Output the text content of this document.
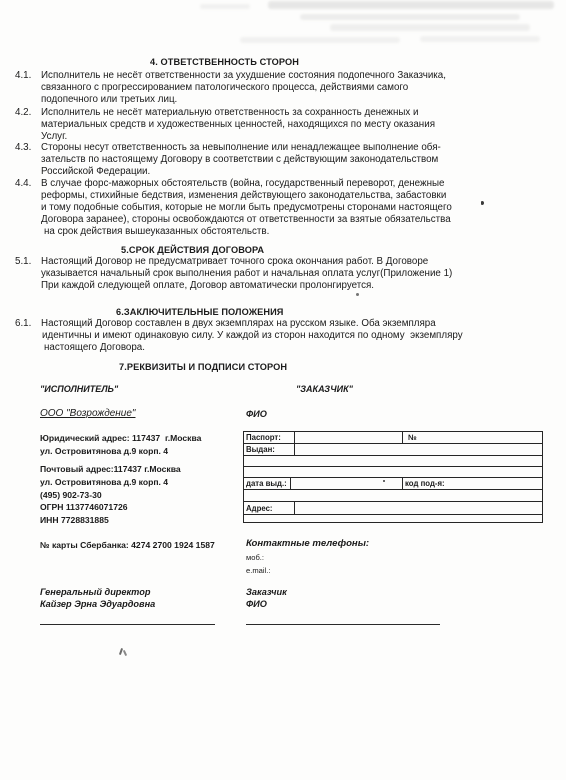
4. ОТВЕТСТВЕННОСТЬ СТОРОН
4.1. Исполнитель не несёт ответственности за ухудшение состояния подопечного Заказчика,
связанного с прогрессированием патологического процесса, действиями самого
подопечного или третьих лиц.
4.2. Исполнитель не несёт материальную ответственность за сохранность денежных и
материальных средств и художественных ценностей, находящихся по месту оказания
Услуг.
4.3. Стороны несут ответственность за невыполнение или ненадлежащее выполнение обя-
зательств по настоящему Договору в соответствии с действующим законодательством
Российской Федерации.
4.4. В случае форс-мажорных обстоятельств (война, государственный переворот, денежные
реформы, стихийные бедствия, изменения действующего законодательства, забастовки
и тому подобные события, которые не могли быть предусмотрены сторонами настоящего
Договора заранее), стороны освобождаются от ответственности за взятые обязательства
на срок действия вышеуказанных обстоятельств.
5.СРОК ДЕЙСТВИЯ ДОГОВОРА
5.1. Настоящий Договор не предусматривает точного срока окончания работ. В Договоре
указывается начальный срок выполнения работ и начальная оплата услуг(Приложение 1)
При каждой следующей оплате, Договор автоматически пролонгируется.
6.ЗАКЛЮЧИТЕЛЬНЫЕ ПОЛОЖЕНИЯ
6.1. Настоящий Договор составлен в двух экземплярах на русском языке. Оба экземпляра
идентичны и имеют одинаковую силу. У каждой из сторон находится по одному  экземпляру
настоящего Договора.
7.РЕКВИЗИТЫ И ПОДПИСИ СТОРОН
"ИСПОЛНИТЕЛЬ"
ООО "Возрождение"
Юридический адрес: 117437  г.Москва
ул. Островитянова д.9 корп. 4
Почтовый адрес:117437 г.Москва
ул. Островитянова д.9 корп. 4
(495) 902-73-30
ОГРН 1137746071726
ИНН 7728831885
№ карты Сбербанка: 4274 2700 1924 1587
Генеральный директор
Кайзер Эрна Эдуардовна
"ЗАКАЗЧИК"
ФИО
Паспорт:	№
Выдан:
дата выд.:	код под-я:
Адрес:
Контактные телефоны:
моб.:
e.mail.:
Заказчик
ФИО
